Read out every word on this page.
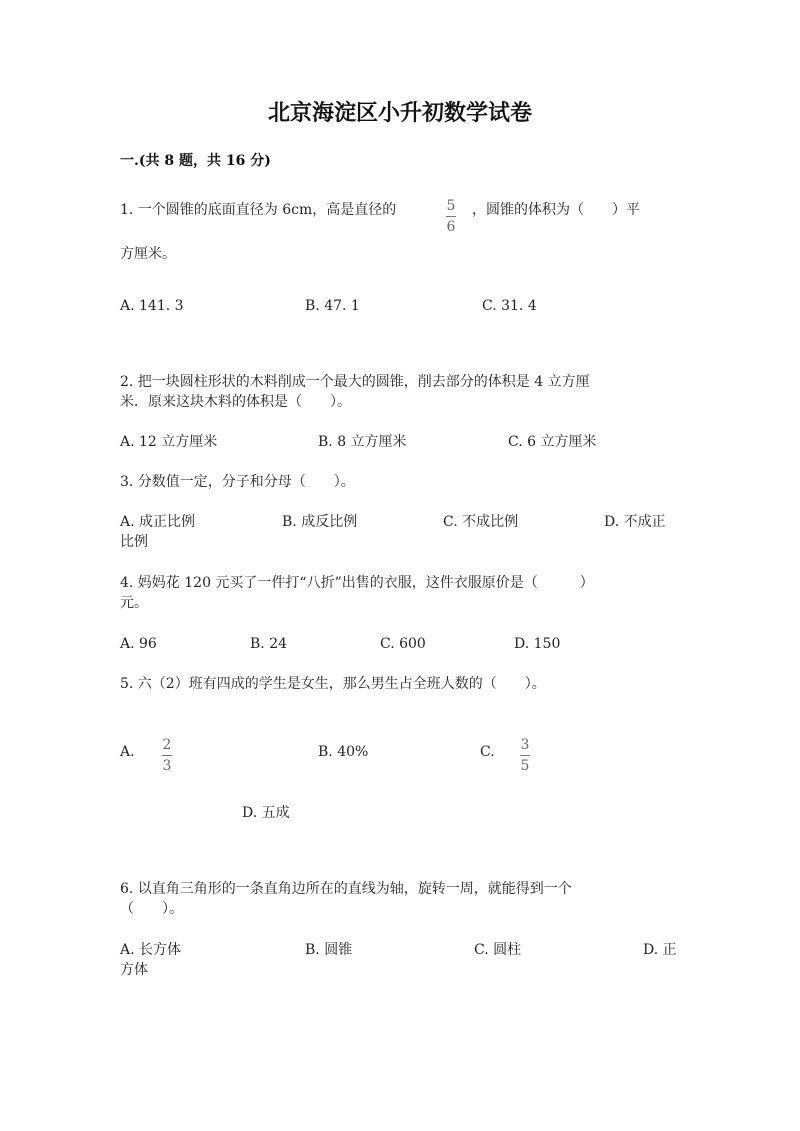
北京海淀区小升初数学试卷
一.(共 8 题，共 16 分)
1. 一个圆锥的底面直径为 6cm，高是直径的	5
6
，圆锥的体积为（　　）平
方厘米。
A. 141. 3	B. 47. 1	C. 31. 4
2. 把一块圆柱形状的木料削成一个最大的圆锥，削去部分的体积是 4 立方厘
米．原来这块木料的体积是（　　）。
A. 12 立方厘米	B. 8 立方厘米	C. 6 立方厘米
3. 分数值一定，分子和分母（　　）。
A. 成正比例	B. 成反比例	C. 不成比例	D. 不成正
比例
4. 妈妈花 120 元买了一件打“八折”出售的衣服，这件衣服原价是（　　　）
元。
A. 96	B. 24	C. 600	D. 150
5. 六（2）班有四成的学生是女生，那么男生占全班人数的（　　）。
A. 2
3
B. 40%	C. 3
5
D. 五成
6. 以直角三角形的一条直角边所在的直线为轴，旋转一周，就能得到一个
（　　）。
A. 长方体	B. 圆锥	C. 圆柱	D. 正
方体
